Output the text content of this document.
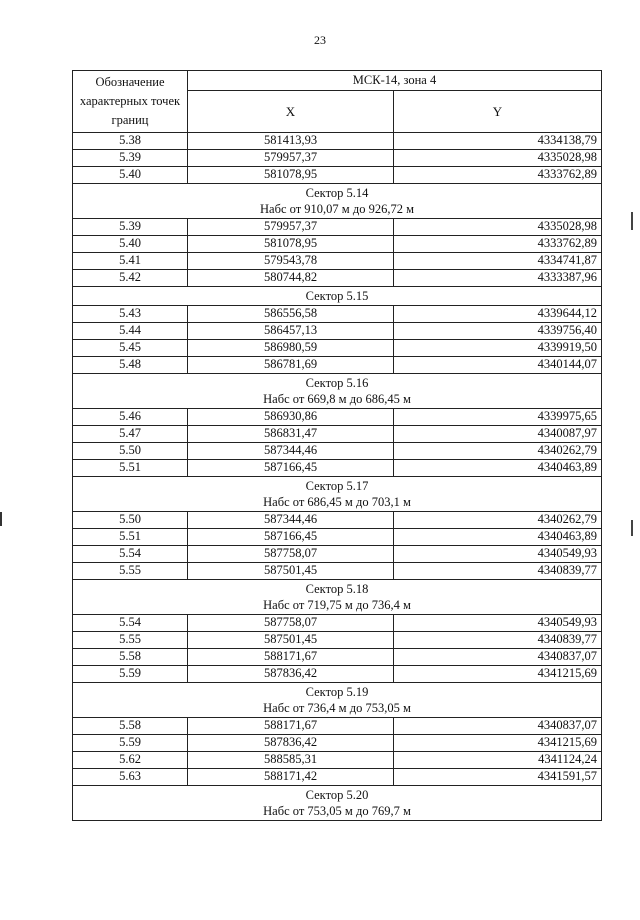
23
Обозначение характерных точек границ	МСК-14, зона 4	
	X	Y
5.38	581413,93	4334138,79
5.39	579957,37	4335028,98
5.40	581078,95	4333762,89

Сектор 5.14
Набс от 910,07 м до 926,72 м		

5.39	579957,37	4335028,98
5.40	581078,95	4333762,89
5.41	579543,78	4334741,87
5.42	580744,82	4333387,96

Сектор 5.15		

5.43	586556,58	4339644,12
5.44	586457,13	4339756,40
5.45	586980,59	4339919,50
5.48	586781,69	4340144,07

Сектор 5.16
Набс от 669,8 м до 686,45 м		

5.46	586930,86	4339975,65
5.47	586831,47	4340087,97
5.50	587344,46	4340262,79
5.51	587166,45	4340463,89

Сектор 5.17
Набс от 686,45 м до 703,1 м		

5.50	587344,46	4340262,79
5.51	587166,45	4340463,89
5.54	587758,07	4340549,93
5.55	587501,45	4340839,77

Сектор 5.18
Набс от 719,75 м до 736,4 м		

5.54	587758,07	4340549,93
5.55	587501,45	4340839,77
5.58	588171,67	4340837,07
5.59	587836,42	4341215,69

Сектор 5.19
Набс от 736,4 м до 753,05 м		

5.58	588171,67	4340837,07
5.59	587836,42	4341215,69
5.62	588585,31	4341124,24
5.63	588171,42	4341591,57

Сектор 5.20
Набс от 753,05 м до 769,7 м		
